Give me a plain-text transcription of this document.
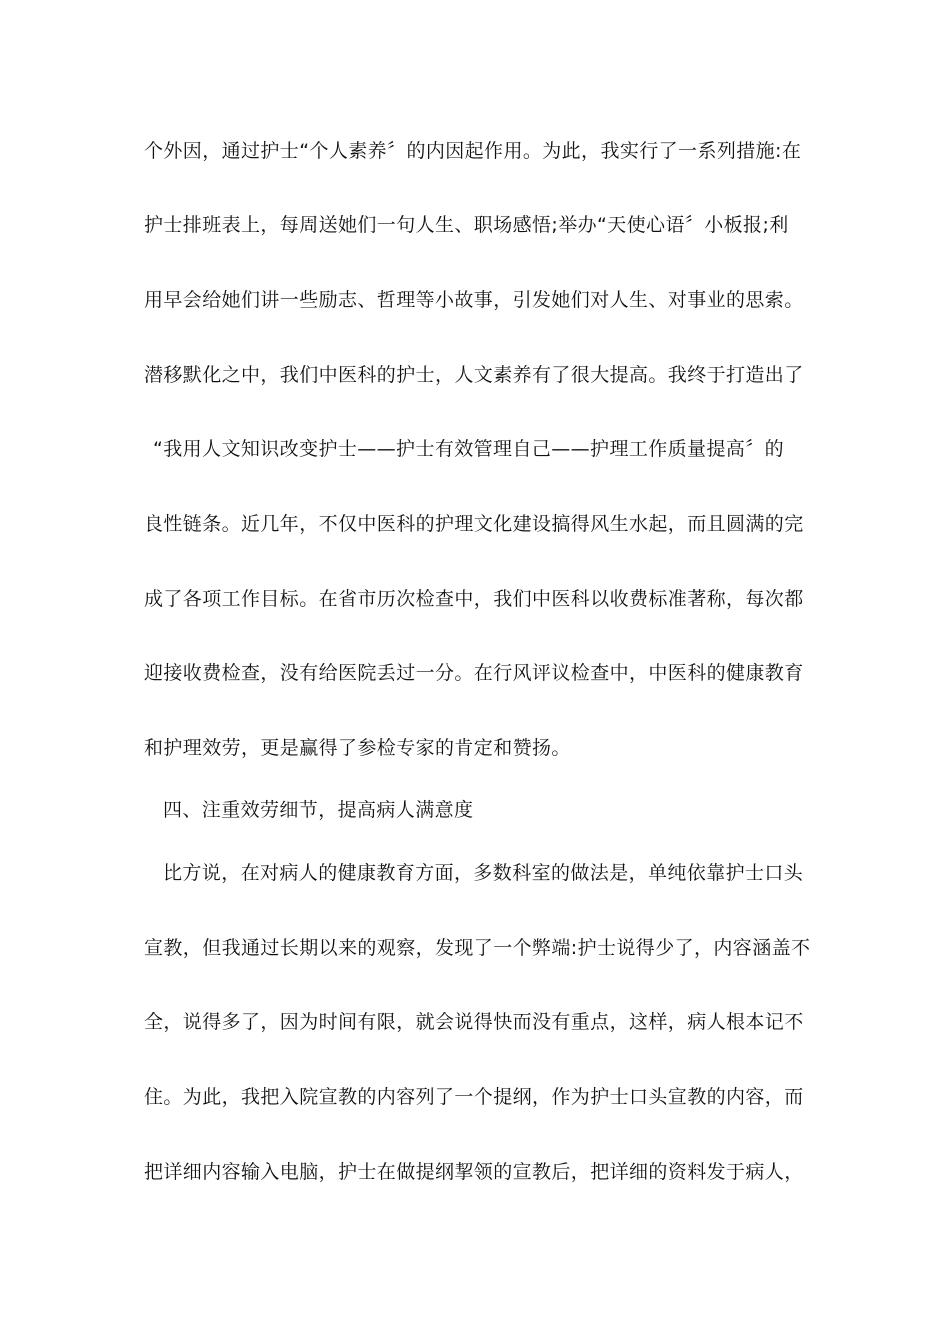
个外因，通过护士“个人素养〞的内因起作用。为此，我实行了一系列措施:在
护士排班表上，每周送她们一句人生、职场感悟;举办“天使心语〞小板报;利
用早会给她们讲一些励志、哲理等小故事，引发她们对人生、对事业的思索。
潜移默化之中，我们中医科的护士，人文素养有了很大提高。我终于打造出了
“我用人文知识改变护士——护士有效管理自己——护理工作质量提高〞的
良性链条。近几年，不仅中医科的护理文化建设搞得风生水起，而且圆满的完
成了各项工作目标。在省市历次检查中，我们中医科以收费标准著称，每次都
迎接收费检查，没有给医院丢过一分。在行风评议检查中，中医科的健康教育
和护理效劳，更是赢得了参检专家的肯定和赞扬。
四、注重效劳细节，提高病人满意度
比方说，在对病人的健康教育方面，多数科室的做法是，单纯依靠护士口头
宣教，但我通过长期以来的观察，发现了一个弊端:护士说得少了，内容涵盖不
全，说得多了，因为时间有限，就会说得快而没有重点，这样，病人根本记不
住。为此，我把入院宣教的内容列了一个提纲，作为护士口头宣教的内容，而
把详细内容输入电脑，护士在做提纲挈领的宣教后，把详细的资料发于病人，
